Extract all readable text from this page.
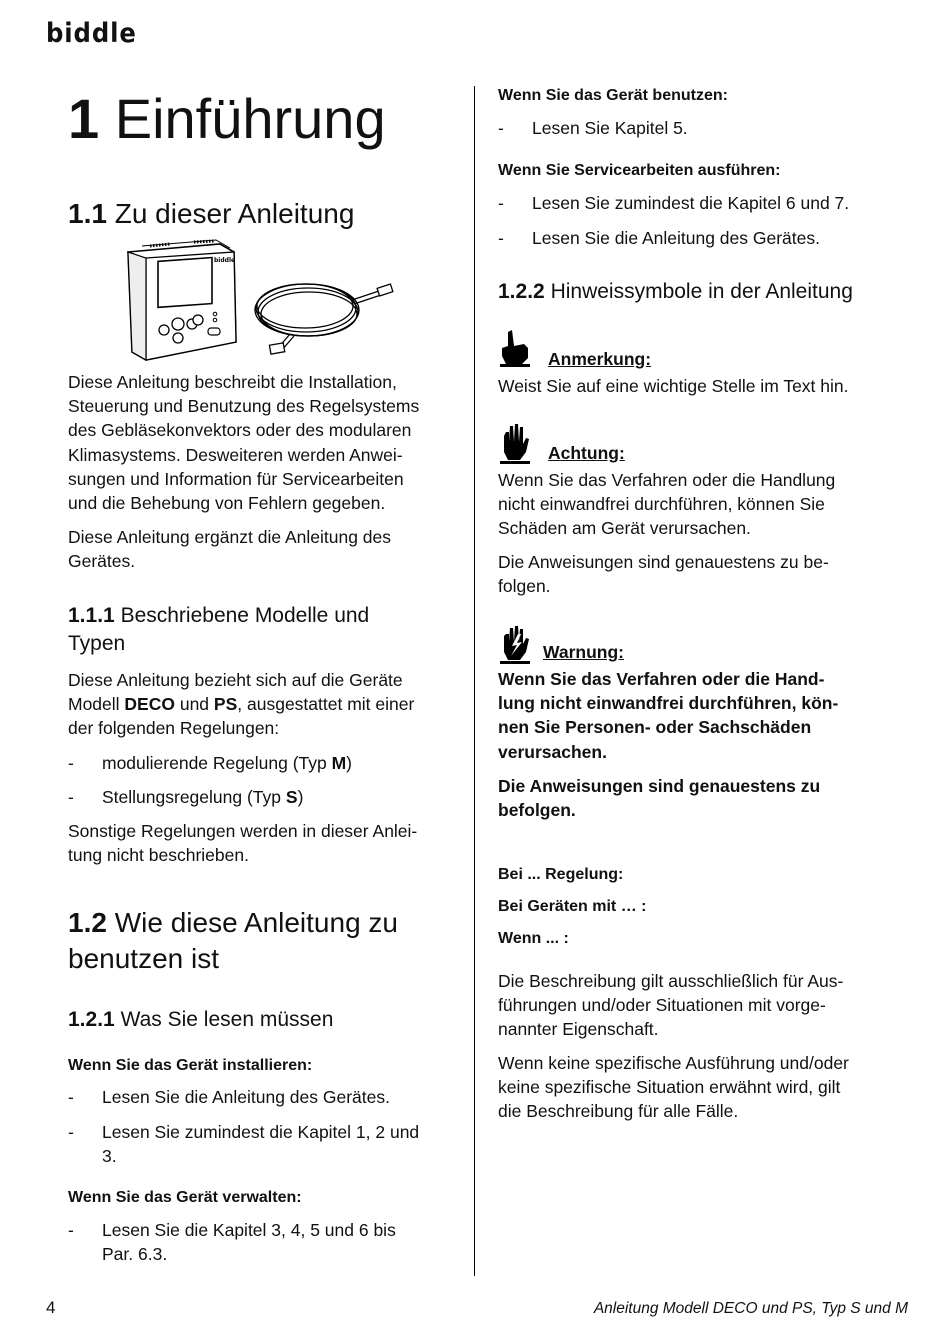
biddle
1 Einführung
1.1 Zu dieser Anleitung
biddle
Diese Anleitung beschreibt die Installation,
Steuerung und Benutzung des Regelsystems
des Gebläsekonvektors oder des modularen
Klimasystems. Desweiteren werden Anwei-
sungen und Information für Servicearbeiten
und die Behebung von Fehlern gegeben.
Diese Anleitung ergänzt die Anleitung des
Gerätes.
1.1.1 Beschriebene Modelle und
Typen
Diese Anleitung bezieht sich auf die Geräte
Modell DECO und PS, ausgestattet mit einer
der folgenden Regelungen:
- modulierende Regelung (Typ M)
- Stellungsregelung (Typ S)
Sonstige Regelungen werden in dieser Anlei-
tung nicht beschrieben.
1.2 Wie diese Anleitung zu
benutzen ist
1.2.1 Was Sie lesen müssen
Wenn Sie das Gerät installieren:
- Lesen Sie die Anleitung des Gerätes.
- Lesen Sie zumindest die Kapitel 1, 2 und
3.
Wenn Sie das Gerät verwalten:
- Lesen Sie die Kapitel 3, 4, 5 und 6 bis
Par. 6.3.
Wenn Sie das Gerät benutzen:
- Lesen Sie Kapitel 5.
Wenn Sie Servicearbeiten ausführen:
- Lesen Sie zumindest die Kapitel 6 und 7.
- Lesen Sie die Anleitung des Gerätes.
1.2.2 Hinweissymbole in der Anleitung
Anmerkung:
Weist Sie auf eine wichtige Stelle im Text hin.
Achtung:
Wenn Sie das Verfahren oder die Handlung
nicht einwandfrei durchführen, können Sie
Schäden am Gerät verursachen.
Die Anweisungen sind genauestens zu be-
folgen.
Warnung:
Wenn Sie das Verfahren oder die Hand-
lung nicht einwandfrei durchführen, kön-
nen Sie Personen- oder Sachschäden
verursachen.
Die Anweisungen sind genauestens zu
befolgen.
Bei ... Regelung:
Bei Geräten mit … :
Wenn ... :
Die Beschreibung gilt ausschließlich für Aus-
führungen und/oder Situationen mit vorge-
nannter Eigenschaft.
Wenn keine spezifische Ausführung und/oder
keine spezifische Situation erwähnt wird, gilt
die Beschreibung für alle Fälle.
4	Anleitung Modell DECO und PS, Typ S und M
